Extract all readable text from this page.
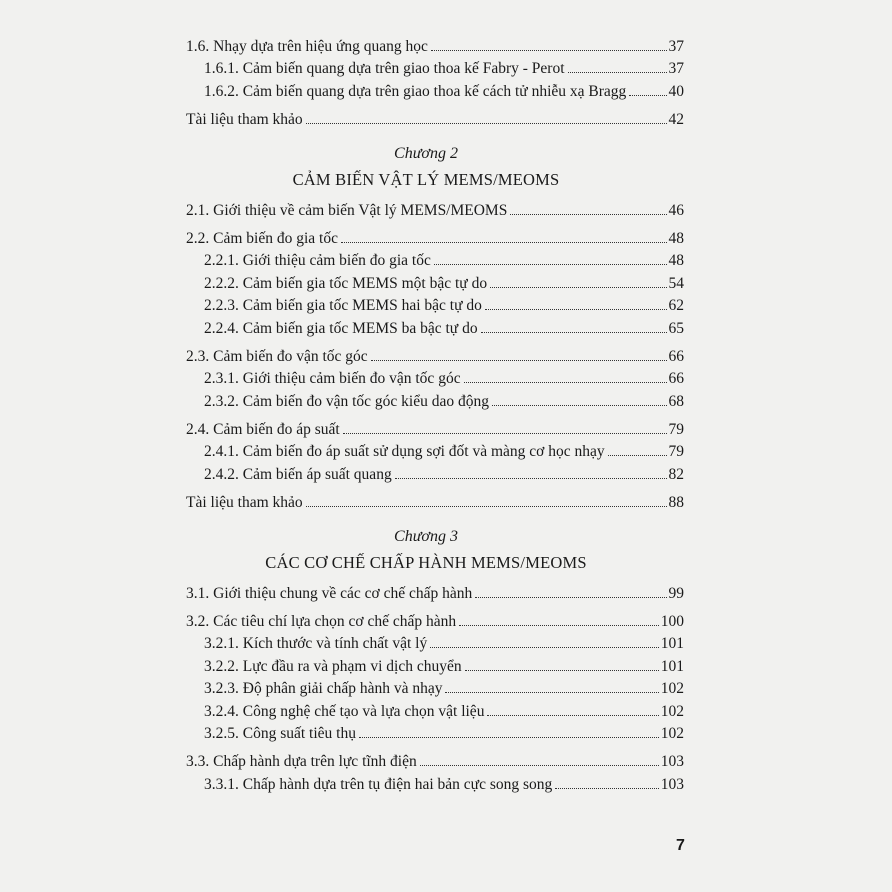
1.6. Nhạy dựa trên hiệu ứng quang học	37
1.6.1. Cảm biến quang dựa trên giao thoa kế Fabry - Perot	37
1.6.2. Cảm biến quang dựa trên giao thoa kế cách tử nhiễu xạ Bragg	40
Tài liệu tham khảo	42
Chương 2
CẢM BIẾN VẬT LÝ MEMS/MEOMS
2.1. Giới thiệu về cảm biến Vật lý MEMS/MEOMS	46
2.2. Cảm biến đo gia tốc	48
2.2.1. Giới thiệu cảm biến đo gia tốc	48
2.2.2. Cảm biến gia tốc MEMS một bậc tự do	54
2.2.3. Cảm biến gia tốc MEMS hai bậc tự do	62
2.2.4. Cảm biến gia tốc MEMS ba bậc tự do	65
2.3. Cảm biến đo vận tốc góc	66
2.3.1. Giới thiệu cảm biến đo vận tốc góc	66
2.3.2. Cảm biến đo vận tốc góc kiểu dao động	68
2.4. Cảm biến đo áp suất	79
2.4.1. Cảm biến đo áp suất sử dụng sợi đốt và màng cơ học nhạy	79
2.4.2. Cảm biến áp suất quang	82
Tài liệu tham khảo	88
Chương 3
CÁC CƠ CHẾ CHẤP HÀNH MEMS/MEOMS
3.1. Giới thiệu chung về các cơ chế chấp hành	99
3.2. Các tiêu chí lựa chọn cơ chế chấp hành	100
3.2.1. Kích thước và tính chất vật lý	101
3.2.2. Lực đầu ra và phạm vi dịch chuyển	101
3.2.3. Độ phân giải chấp hành và nhạy	102
3.2.4. Công nghệ chế tạo và lựa chọn vật liệu	102
3.2.5. Công suất tiêu thụ	102
3.3. Chấp hành dựa trên lực tĩnh điện	103
3.3.1. Chấp hành dựa trên tụ điện hai bản cực song song	103
7
